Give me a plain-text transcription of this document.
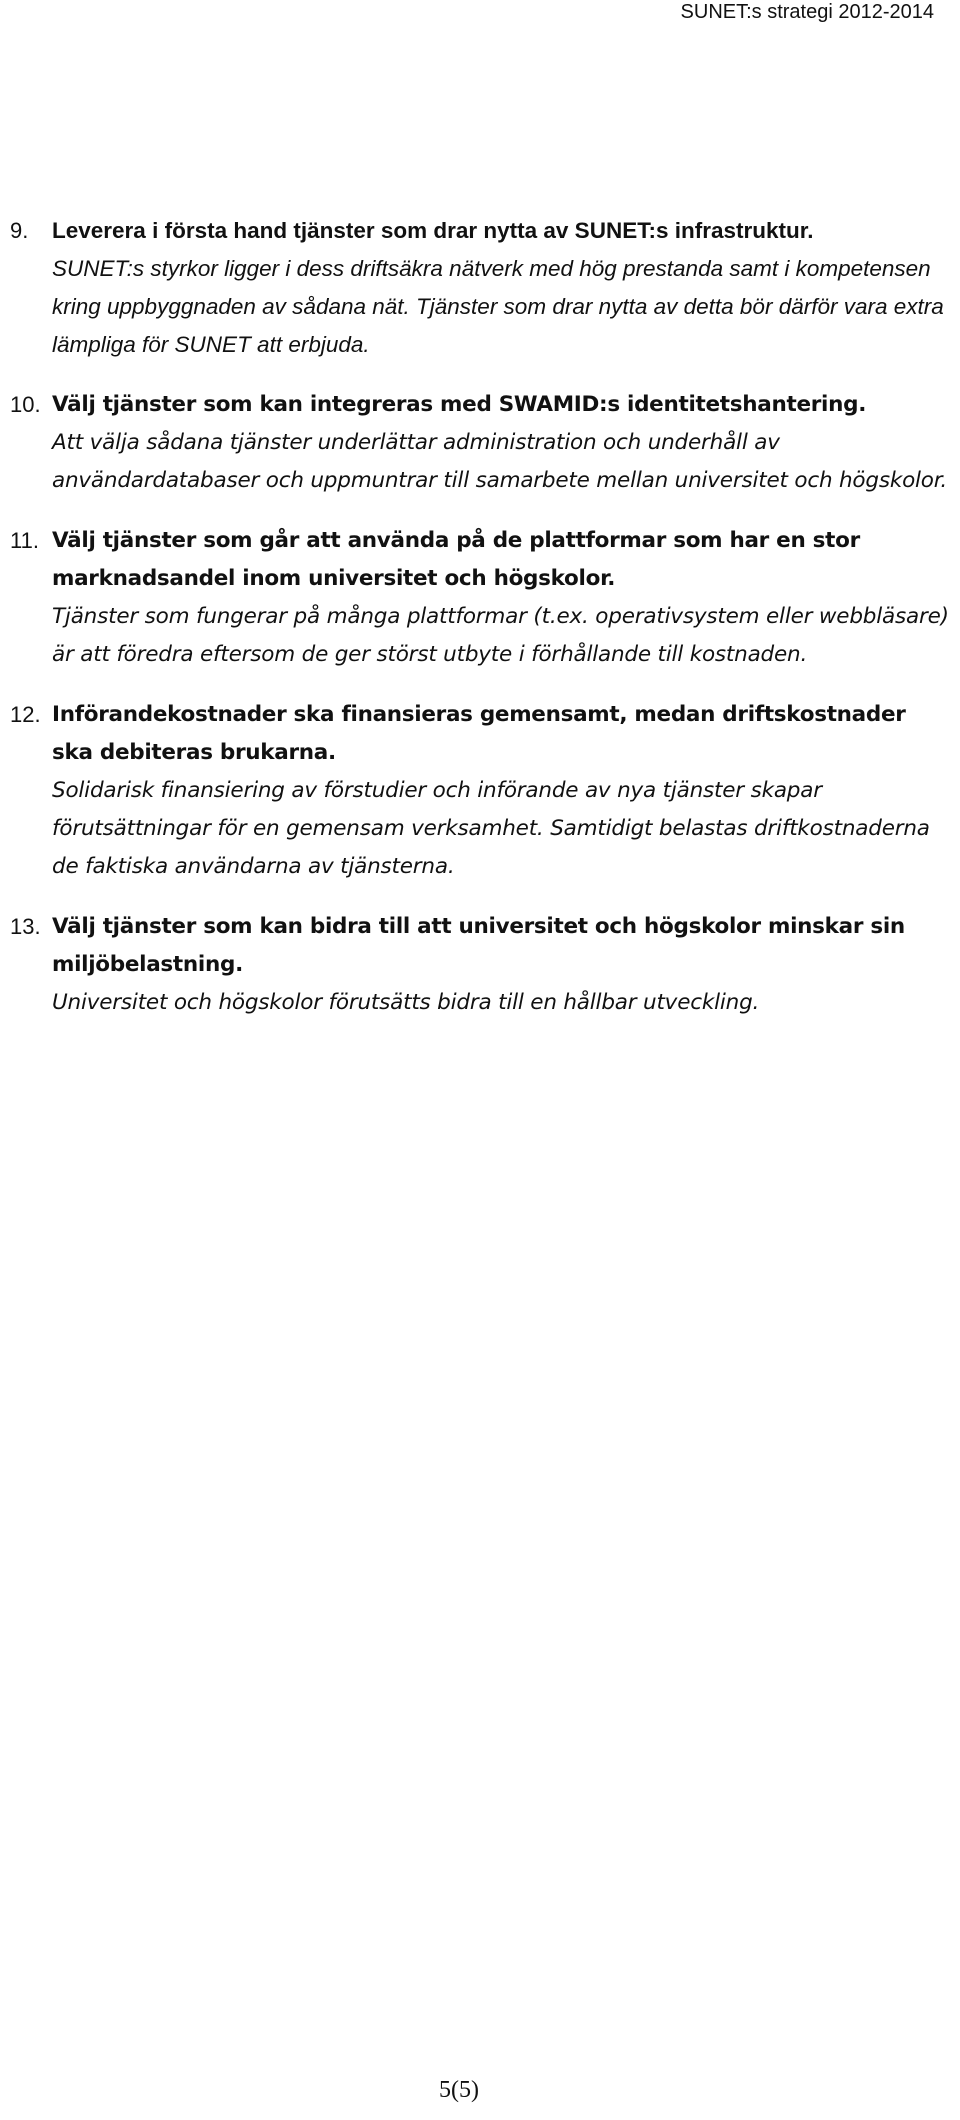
SUNET:s strategi 2012-2014
9.	Leverera i första hand tjänster som drar nytta av SUNET:s infrastruktur.

SUNET:s styrkor ligger i dess driftsäkra nätverk med hög prestanda samt i kompetensen kring uppbyggnaden av sådana nät. Tjänster som drar nytta av detta bör därför vara extra lämpliga för SUNET att erbjuda.

10. Välj tjänster som kan integreras med SWAMID:s identitetshantering.

Att välja sådana tjänster underlättar administration och underhåll av användardatabaser och uppmuntrar till samarbete mellan universitet och högskolor.

11. Välj tjänster som går att använda på de plattformar som har en stor marknadsandel inom universitet och högskolor.

Tjänster som fungerar på många plattformar (t.ex. operativsystem eller webbläsare) är att föredra eftersom de ger störst utbyte i förhållande till kostnaden.

12. Införandekostnader ska finansieras gemensamt, medan driftskostnader ska debiteras brukarna.

Solidarisk finansiering av förstudier och införande av nya tjänster skapar förutsättningar för en gemensam verksamhet. Samtidigt belastas driftkostnaderna de faktiska användarna av tjänsterna.

13. Välj tjänster som kan bidra till att universitet och högskolor minskar sin miljöbelastning.

Universitet och högskolor förutsätts bidra till en hållbar utveckling.

5(5)
